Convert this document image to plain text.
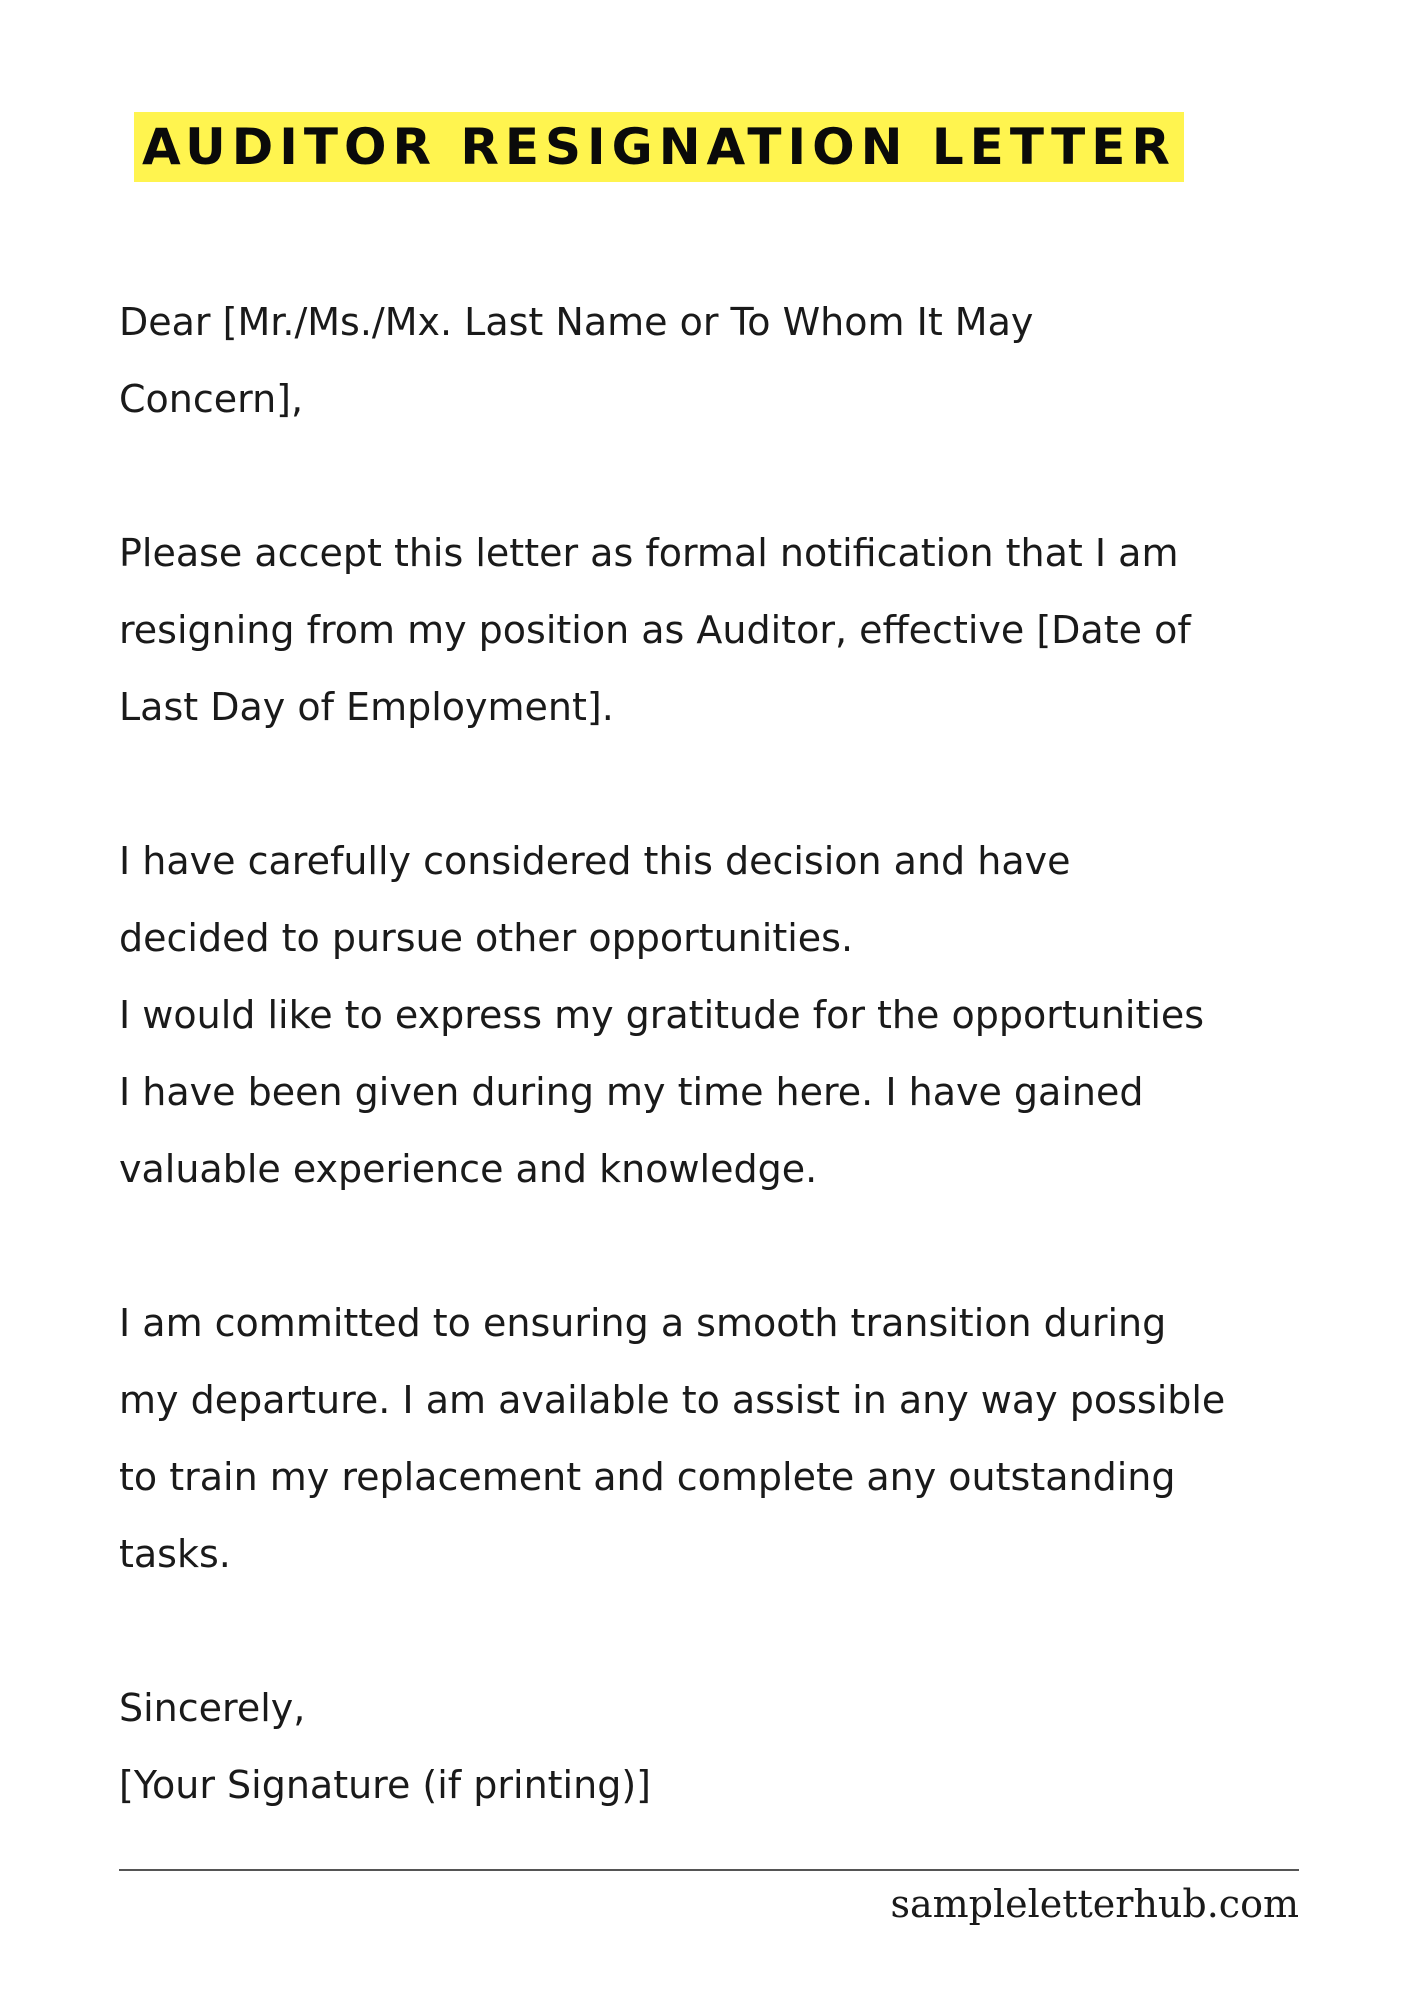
AUDITOR RESIGNATION LETTER

Dear [Mr./Ms./Mx. Last Name or To Whom It May
Concern],

Please accept this letter as formal notification that I am
resigning from my position as Auditor, effective [Date of
Last Day of Employment].

I have carefully considered this decision and have
decided to pursue other opportunities.
I would like to express my gratitude for the opportunities
I have been given during my time here. I have gained
valuable experience and knowledge.

I am committed to ensuring a smooth transition during
my departure. I am available to assist in any way possible
to train my replacement and complete any outstanding
tasks.

Sincerely,

[Your Signature (if printing)]

sampleletterhub.com
